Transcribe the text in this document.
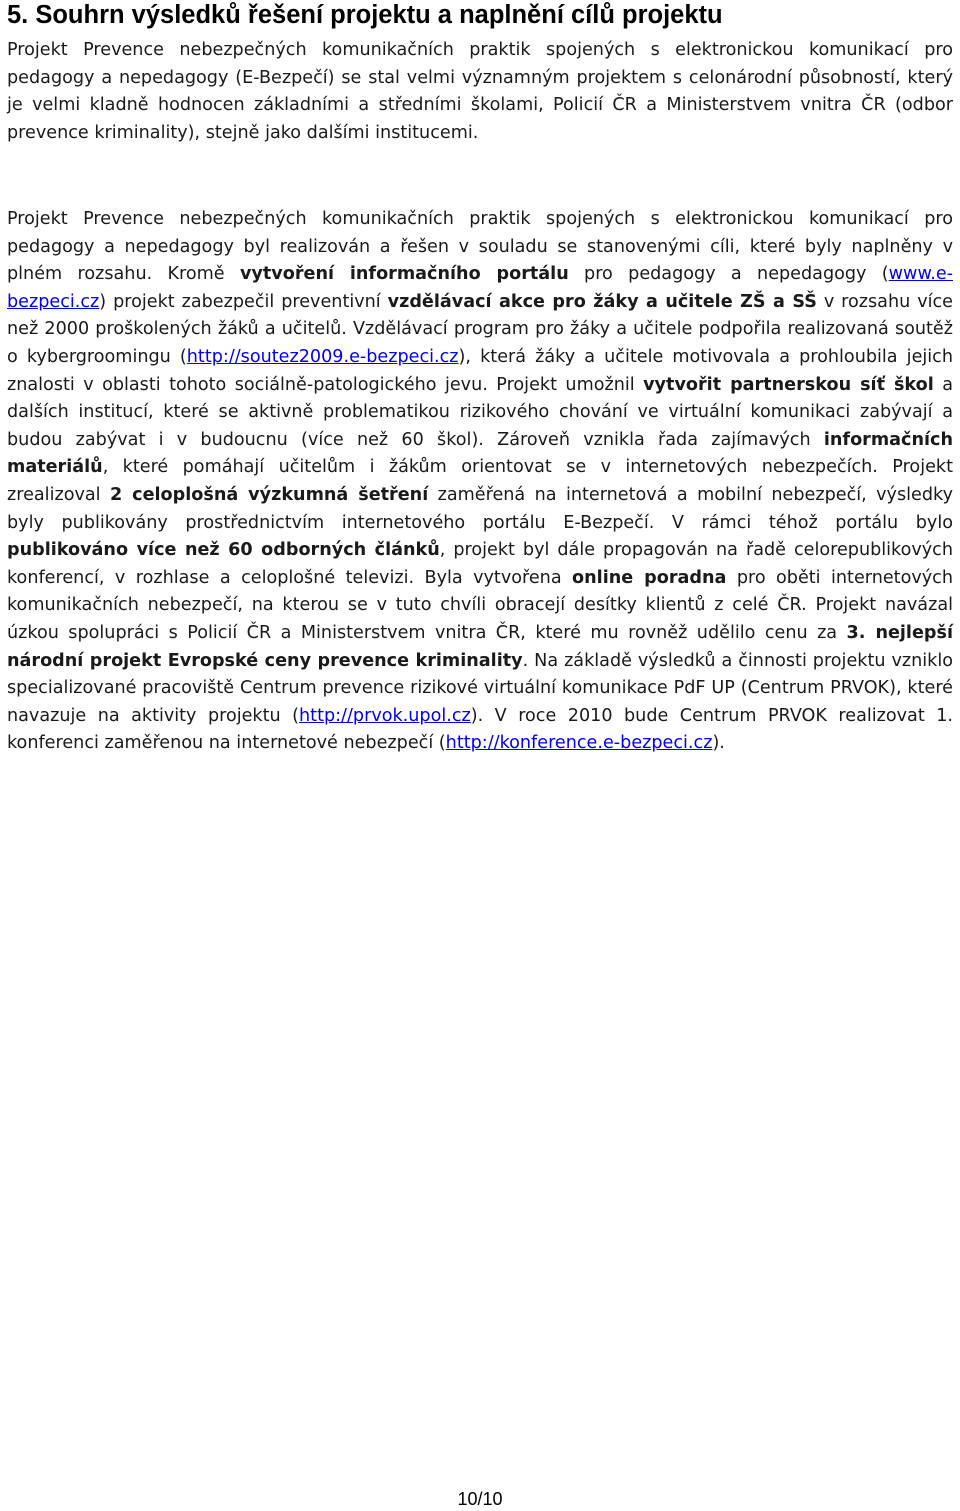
5. Souhrn výsledků řešení projektu a naplnění cílů projektu

Projekt Prevence nebezpečných komunikačních praktik spojených s elektronickou komunikací pro pedagogy a nepedagogy (E-Bezpečí) se stal velmi významným projektem s celonárodní působností, který je velmi kladně hodnocen základními a středními školami, Policií ČR a Ministerstvem vnitra ČR (odbor prevence kriminality), stejně jako dalšími institucemi.

Projekt Prevence nebezpečných komunikačních praktik spojených s elektronickou komunikací pro pedagogy a nepedagogy byl realizován a řešen v souladu se stanovenými cíli, které byly naplněny v plném rozsahu. Kromě vytvoření informačního portálu pro pedagogy a nepedagogy (www.e-bezpeci.cz) projekt zabezpečil preventivní vzdělávací akce pro žáky a učitele ZŠ a SŠ v rozsahu více než 2000 proškolených žáků a učitelů. Vzdělávací program pro žáky a učitele podpořila realizovaná soutěž o kybergroomingu (http://soutez2009.e-bezpeci.cz), která žáky a učitele motivovala a prohloubila jejich znalosti v oblasti tohoto sociálně-patologického jevu. Projekt umožnil vytvořit partnerskou síť škol a dalších institucí, které se aktivně problematikou rizikového chování ve virtuální komunikaci zabývají a budou zabývat i v budoucnu (více než 60 škol). Zároveň vznikla řada zajímavých informačních materiálů, které pomáhají učitelům i žákům orientovat se v internetových nebezpečích. Projekt zrealizoval 2 celoplošná výzkumná šetření zaměřená na internetová a mobilní nebezpečí, výsledky byly publikovány prostřednictvím internetového portálu E-Bezpečí. V rámci téhož portálu bylo publikováno více než 60 odborných článků, projekt byl dále propagován na řadě celorepublikových konferencí, v rozhlase a celoplošné televizi. Byla vytvořena online poradna pro oběti internetových komunikačních nebezpečí, na kterou se v tuto chvíli obracejí desítky klientů z celé ČR. Projekt navázal úzkou spolupráci s Policií ČR a Ministerstvem vnitra ČR, které mu rovněž udělilo cenu za 3. nejlepší národní projekt Evropské ceny prevence kriminality. Na základě výsledků a činnosti projektu vzniklo specializované pracoviště Centrum prevence rizikové virtuální komunikace PdF UP (Centrum PRVOK), které navazuje na aktivity projektu (http://prvok.upol.cz). V roce 2010 bude Centrum PRVOK realizovat 1. konferenci zaměřenou na internetové nebezpečí (http://konference.e-bezpeci.cz).

10/10
